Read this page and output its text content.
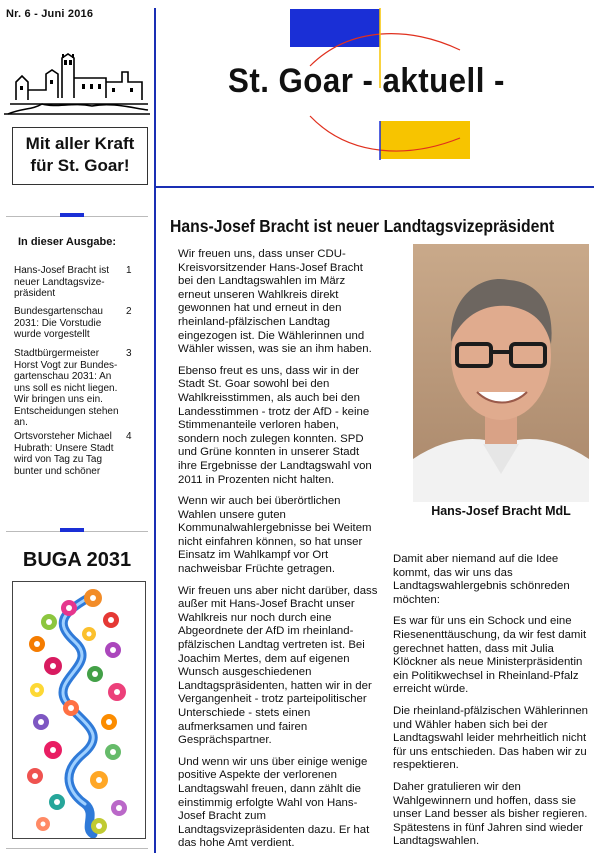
Nr. 6 - Juni 2016
St. Goar - aktuell -
Mit aller Kraft
für St. Goar!
In dieser Ausgabe:
Hans-Josef Bracht ist neuer Landtagsvize-präsident
1
Bundesgartenschau 2031: Die Vorstudie wurde vorgestellt
2
Stadtbürgermeister Horst Vogt zur Bundes-gartenschau 2031: An uns soll es nicht liegen. Wir bringen uns ein. Entscheidungen stehen an.
3
Ortsvorsteher Michael Hubrath: Unsere Stadt wird von Tag zu Tag bunter und schöner
4
BUGA 2031
Hans-Josef Bracht ist neuer Landtagsvizepräsident

Wir freuen uns, dass unser CDU-Kreisvorsitzender Hans-Josef Bracht bei den Landtagswahlen im März erneut unseren Wahlkreis direkt gewonnen hat und erneut in den rheinland-pfälzischen Landtag eingezogen ist. Die Wählerinnen und Wähler wissen, was sie an ihm haben.

Ebenso freut es uns, dass wir in der Stadt St. Goar sowohl bei den Wahlkreisstimmen, als auch bei den Landesstimmen - trotz der AfD - keine Stimmenanteile verloren haben, sondern noch zulegen konnten. SPD und Grüne konnten in unserer Stadt ihre Ergebnisse der Landtagswahl von 2011 in Prozenten nicht halten.

Wenn wir auch bei überörtlichen Wahlen unsere guten Kommunalwahlergebnisse bei Weitem nicht einfahren können, so hat unser Einsatz im Wahlkampf vor Ort nachweisbar Früchte getragen.

Wir freuen uns aber nicht darüber, dass außer mit Hans-Josef Bracht unser Wahlkreis nur noch durch eine Abgeordnete der AfD im rheinland-pfälzischen Landtag vertreten ist. Bei Joachim Mertes, dem auf eigenen Wunsch ausgeschiedenen Landtagspräsidenten, hatten wir in der Vergangenheit - trotz parteipolitischer Unterschiede - stets einen aufmerksamen und fairen Gesprächspartner.

Und wenn wir uns über einige wenige positive Aspekte der verlorenen Landtagswahl freuen, dann zählt die einstimmig erfolgte Wahl von Hans-Josef Bracht zum Landtagsvizepräsidenten dazu. Er hat das hohe Amt verdient.

Hans-Josef Bracht MdL

Damit aber niemand auf die Idee kommt, das wir uns das Landtagswahlergebnis schönreden möchten:

Es war für uns ein Schock und eine Riesenenttäuschung, da wir fest damit gerechnet hatten, dass mit Julia Klöckner als neue Ministerpräsidentin ein Politikwechsel in Rheinland-Pfalz erreicht würde.

Die rheinland-pfälzischen Wählerinnen und Wähler haben sich bei der Landtagswahl leider mehrheitlich nicht für uns entschieden. Das haben wir zu respektieren.

Daher gratulieren wir den Wahlgewinnern und hoffen, dass sie unser Land besser als bisher regieren. Spätestens in fünf Jahren sind wieder Landtagswahlen.
